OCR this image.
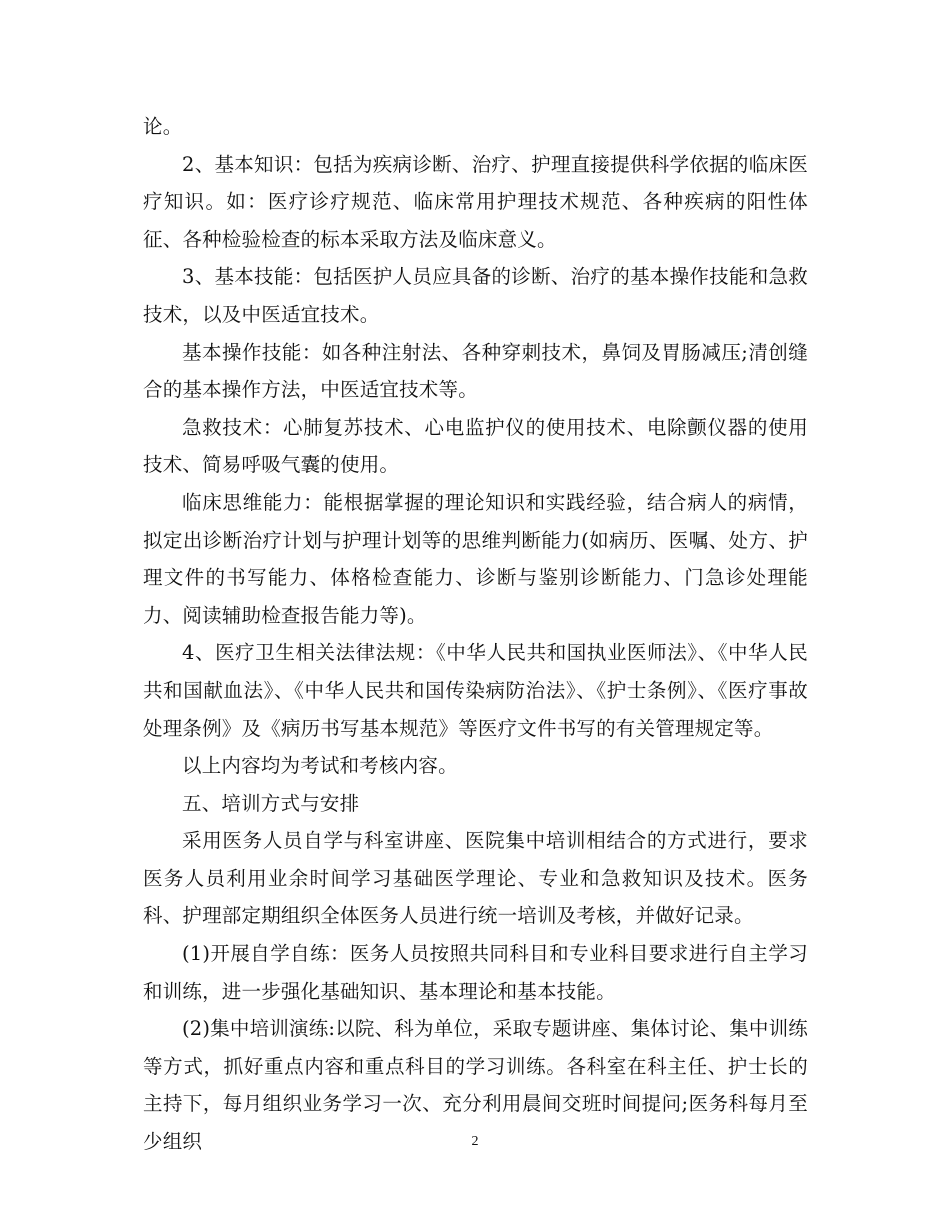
论。

2、基本知识：包括为疾病诊断、治疗、护理直接提供科学依据的临床医疗知识。如：医疗诊疗规范、临床常用护理技术规范、各种疾病的阳性体征、各种检验检查的标本采取方法及临床意义。

3、基本技能：包括医护人员应具备的诊断、治疗的基本操作技能和急救技术，以及中医适宜技术。

基本操作技能：如各种注射法、各种穿刺技术，鼻饲及胃肠减压;清创缝合的基本操作方法，中医适宜技术等。

急救技术：心肺复苏技术、心电监护仪的使用技术、电除颤仪器的使用技术、简易呼吸气囊的使用。

临床思维能力：能根据掌握的理论知识和实践经验，结合病人的病情，拟定出诊断治疗计划与护理计划等的思维判断能力(如病历、医嘱、处方、护理文件的书写能力、体格检查能力、诊断与鉴别诊断能力、门急诊处理能力、阅读辅助检查报告能力等)。

4、医疗卫生相关法律法规：《中华人民共和国执业医师法》、《中华人民共和国献血法》、《中华人民共和国传染病防治法》、《护士条例》、《医疗事故处理条例》及《病历书写基本规范》等医疗文件书写的有关管理规定等。

以上内容均为考试和考核内容。

五、培训方式与安排

采用医务人员自学与科室讲座、医院集中培训相结合的方式进行，要求医务人员利用业余时间学习基础医学理论、专业和急救知识及技术。医务科、护理部定期组织全体医务人员进行统一培训及考核，并做好记录。

(1)开展自学自练：医务人员按照共同科目和专业科目要求进行自主学习和训练，进一步强化基础知识、基本理论和基本技能。

(2)集中培训演练:以院、科为单位，采取专题讲座、集体讨论、集中训练等方式，抓好重点内容和重点科目的学习训练。各科室在科主任、护士长的主持下，每月组织业务学习一次、充分利用晨间交班时间提问;医务科每月至少组织	2
